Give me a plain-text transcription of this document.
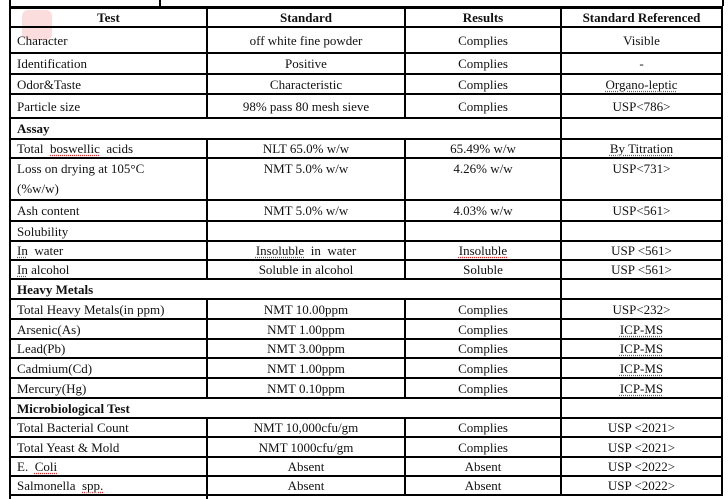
Test	Standard	Results	Standard Referenced
Character	off white fine powder	Complies	Visible
Identification	Positive	Complies	-
Odor&Taste	Characteristic	Complies	Organo-leptic
Particle size	98% pass 80 mesh sieve	Complies	USP<786>
Assay			
Total  boswellic  acids	NLT 65.0% w/w	65.49% w/w	By Titration

Loss on drying at 105°C
(%w/w)	NMT 5.0% w/w	4.26% w/w	USP<731>
Ash content	NMT 5.0% w/w	4.03% w/w	USP<561>
Solubility			
In  water	Insoluble  in  water	Insoluble	USP <561>
In alcohol	Soluble in alcohol	Soluble	USP <561>
Heavy Metals			
Total Heavy Metals(in ppm)	NMT 10.00ppm	Complies	USP<232>
Arsenic(As)	NMT 1.00ppm	Complies	ICP-MS
Lead(Pb)	NMT 3.00ppm	Complies	ICP-MS
Cadmium(Cd)	NMT 1.00ppm	Complies	ICP-MS
Mercury(Hg)	NMT 0.10ppm	Complies	ICP-MS
Microbiological Test			
Total Bacterial Count	NMT 10,000cfu/gm	Complies	USP <2021>
Total Yeast & Mold	NMT 1000cfu/gm	Complies	USP <2021>
E.  Coli	Absent	Absent	USP <2022>
Salmonella  spp.	Absent	Absent	USP <2022>
